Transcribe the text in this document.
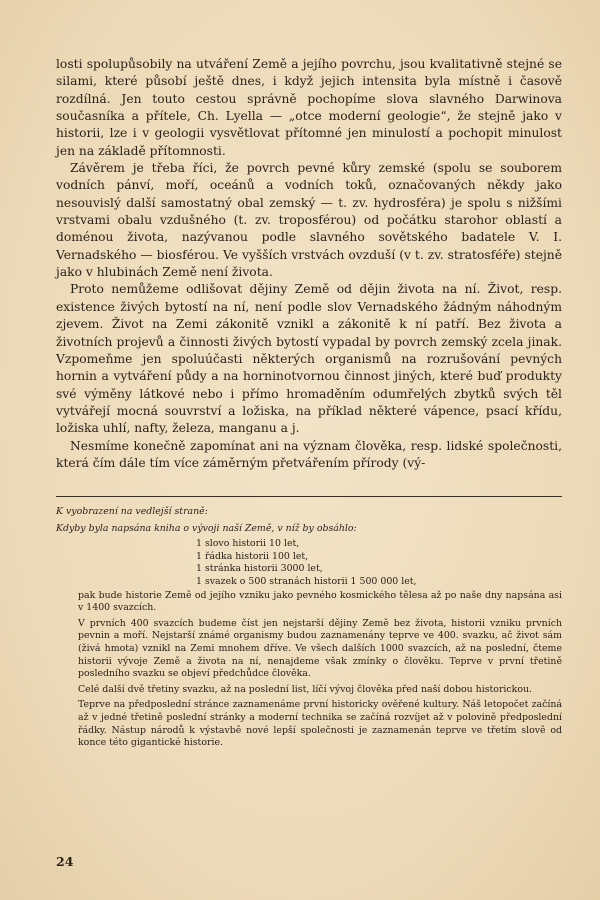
losti spolupůsobily na utváření Země a jejího povrchu, jsou kvalitativně stejné se silami, které působí ještě dnes, i když jejich intensita byla místně i časově rozdílná. Jen touto cestou správně pochopíme slova slavného Darwinova současníka a přítele, Ch. Lyella — „otce moderní geologie“, že stejně jako v historii, lze i v geologii vysvětlovat přítomné jen minulostí a pochopit minulost jen na základě přítomnosti.

Závěrem je třeba říci, že povrch pevné kůry zemské (spolu se souborem vodních pánví, moří, oceánů a vodních toků, označovaných někdy jako nesouvislý další samostatný obal zemský — t. zv. hydrosféra) je spolu s nižšími vrstvami obalu vzdušného (t. zv. troposférou) od počátku starohor oblastí a doménou života, nazývanou podle slavného sovětského badatele V. I. Vernadského — biosférou. Ve vyšších vrstvách ovzduší (v t. zv. stratosféře) stejně jako v hlubinách Země není života.

Proto nemůžeme odlišovat dějiny Země od dějin života na ní. Život, resp. existence živých bytostí na ní, není podle slov Vernadského žádným náhodným zjevem. Život na Zemi zákonitě vznikl a zákonitě k ní patří. Bez života a životních projevů a činnosti živých bytostí vypadal by povrch zemský zcela jinak. Vzpomeňme jen spoluúčasti některých organismů na rozrušování pevných hornin a vytváření půdy a na horninotvornou činnost jiných, které buď produkty své výměny látkové nebo i přímo hromaděním odumřelých zbytků svých těl vytvářejí mocná souvrství a ložiska, na příklad některé vápence, psací křídu, ložiska uhlí, nafty, železa, manganu a j.

Nesmíme konečně zapomínat ani na význam člověka, resp. lidské společnosti, která čím dále tím více záměrným přetvářením přírody (vý-

K vyobrazení na vedlejší straně:

Kdyby byla napsána kniha o vývoji naší Země, v níž by obsáhlo:

1 slovo historii 10 let,
1 řádka historii 100 let,
1 stránka historii 3000 let,
1 svazek o 500 stranách historii 1 500 000 let,

pak bude historie Země od jejího vzniku jako pevného kosmického tělesa až po naše dny napsána asi v 1400 svazcích.

V prvních 400 svazcích budeme číst jen nejstarší dějiny Země bez života, historii vzniku prvních pevnin a moří. Nejstarší známé organismy budou zaznamenány teprve ve 400. svazku, ač život sám (živá hmota) vznikl na Zemi mnohem dříve. Ve všech dalších 1000 svazcích, až na poslední, čteme historii vývoje Země a života na ní, nenajdeme však zmínky o člověku. Teprve v první třetině posledního svazku se objeví předchůdce člověka.

Celé další dvě třetiny svazku, až na poslední list, líčí vývoj člověka před naší dobou historickou.

Teprve na předposlední stránce zaznamenáme první historicky ověřené kultury. Náš letopočet začíná až v jedné třetině poslední stránky a moderní technika se začíná rozvíjet až v polovině předposlední řádky. Nástup národů k výstavbě nové lepší společnosti je zaznamenán teprve ve třetím slově od konce této gigantické historie.

24
